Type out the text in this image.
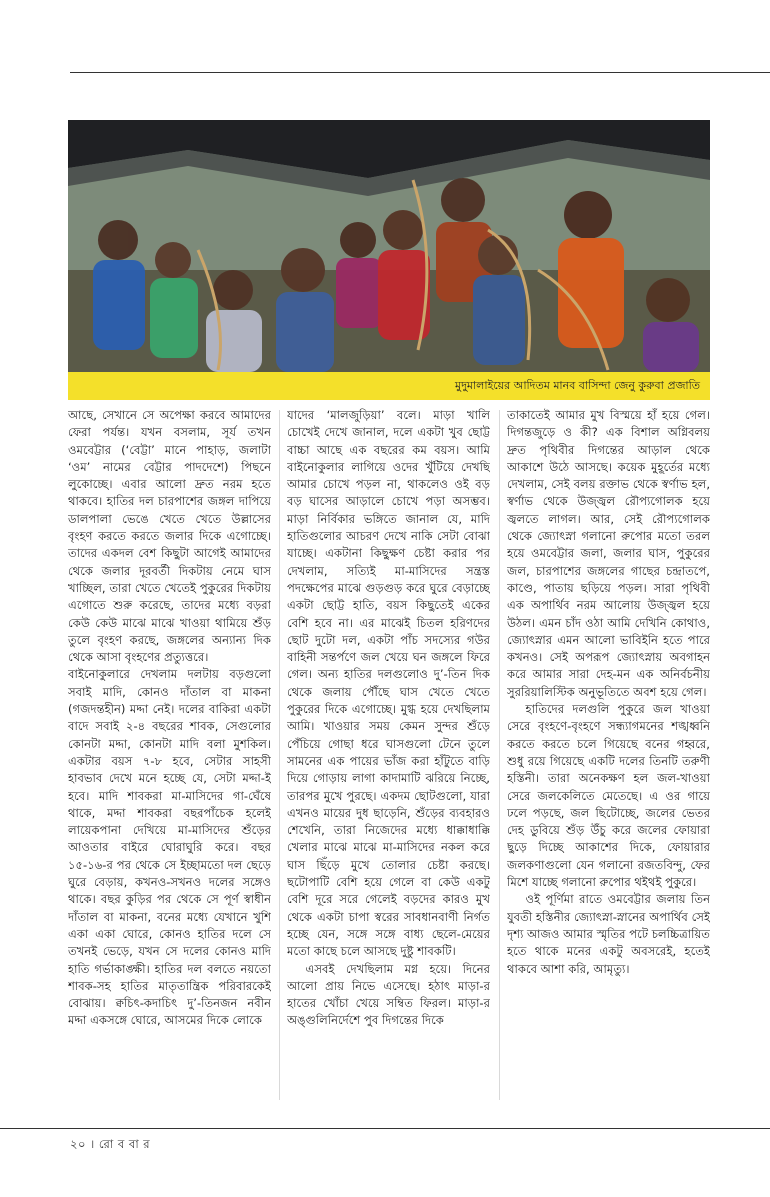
মুদুমালাইয়ের আদিতম মানব বাসিন্দা জেনু কুরুবা প্রজাতি

আছে, সেখানে সে অপেক্ষা করবে আমাদের ফেরা পর্যন্ত। যখন বসলাম, সূর্য তখন ওমবেট্টার (‘বেট্টা’ মানে পাহাড়, জলাটা ‘ওম’ নামের বেট্টার পাদদেশে) পিছনে লুকোচ্ছে। এবার আলো দ্রুত নরম হতে থাকবে। হাতির দল চারপাশের জঙ্গল দাপিয়ে ডালপালা ভেঙে খেতে খেতে উল্লাসের বৃংহণ করতে করতে জলার দিকে এগোচ্ছে। তাদের একদল বেশ কিছুটা আগেই আমাদের থেকে জলার দূরবর্তী দিকটায় নেমে ঘাস খাচ্ছিল, তারা খেতে খেতেই পুকুরের দিকটায় এগোতে শুরু করেছে, তাদের মধ্যে বড়রা কেউ কেউ মাঝে মাঝে খাওয়া থামিয়ে শুঁড় তুলে বৃংহণ করছে, জঙ্গলের অন্যান্য দিক থেকে আসা বৃংহণের প্রত্যুত্তরে।

বাইনোকুলারে দেখলাম দলটায় বড়গুলো সবাই মাদি, কোনও দাঁতাল বা মাকনা (গজদন্তহীন) মদ্দা নেই। দলের বাকিরা একটা বাদে সবাই ২-৪ বছরের শাবক, সেগুলোর কোনটা মদ্দা, কোনটা মাদি বলা মুশকিল। একটার বয়স ৭-৮ হবে, সেটার সাহসী হাবভাব দেখে মনে হচ্ছে যে, সেটা মদ্দা-ই হবে। মাদি শাবকরা মা-মাসিদের গা-ঘেঁষে থাকে, মদ্দা শাবকরা বছরপাঁচেক হলেই লায়েকপানা দেখিয়ে মা-মাসিদের শুঁড়ের আওতার বাইরে ঘোরাঘুরি করে। বছর ১৫-১৬-র পর থেকে সে ইচ্ছামতো দল ছেড়ে ঘুরে বেড়ায়, কখনও-সখনও দলের সঙ্গেও থাকে। বছর কুড়ির পর থেকে সে পূর্ণ স্বাধীন দাঁতাল বা মাকনা, বনের মধ্যে যেখানে খুশি একা একা ঘোরে, কোনও হাতির দলে সে তখনই ভেড়ে, যখন সে দলের কোনও মাদি হাতি গর্ভাকাঙ্ক্ষী। হাতির দল বলতে নয়তো শাবক-সহ হাতির মাতৃতান্ত্রিক পরিবারকেই বোঝায়। ক্বচিৎ-কদাচিৎ দু’-তিনজন নবীন মদ্দা একসঙ্গে ঘোরে, আসমের দিকে লোকে

যাদের ‘মালজুড়িয়া’ বলে। মাড়া খালি চোখেই দেখে জানাল, দলে একটা খুব ছোট্ট বাচ্চা আছে এক বছরের কম বয়স। আমি বাইনোকুলার লাগিয়ে ওদের খুঁটিয়ে দেখছি আমার চোখে পড়ল না, থাকলেও ওই বড় বড় ঘাসের আড়ালে চোখে পড়া অসম্ভব। মাড়া নির্বিকার ভঙ্গিতে জানাল যে, মাদি হাতিগুলোর আচরণ দেখে নাকি সেটা বোঝা যাচ্ছে। একটানা কিছুক্ষণ চেষ্টা করার পর দেখলাম, সত্যিই মা-মাসিদের সন্ত্রস্ত পদক্ষেপের মাঝে গুড়গুড় করে ঘুরে বেড়াচ্ছে একটা ছোট্ট হাতি, বয়স কিছুতেই একের বেশি হবে না। এর মাঝেই চিতল হরিণদের ছোট দুটো দল, একটা পাঁচ সদস্যের গউর বাহিনী সন্তর্পণে জল খেয়ে ঘন জঙ্গলে ফিরে গেল। অন্য হাতির দলগুলোও দু’-তিন দিক থেকে জলায় পৌঁছে ঘাস খেতে খেতে পুকুরের দিকে এগোচ্ছে। মুগ্ধ হয়ে দেখছিলাম আমি। খাওয়ার সময় কেমন সুন্দর শুঁড়ে পেঁচিয়ে গোছা ধরে ঘাসগুলো টেনে তুলে সামনের এক পায়ের ভাঁজ করা হাঁটুতে বাড়ি দিয়ে গোড়ায় লাগা কাদামাটি ঝরিয়ে নিচ্ছে, তারপর মুখে পুরছে। একদম ছোটগুলো, যারা এখনও মায়ের দুধ ছাড়েনি, শুঁড়ের ব্যবহারও শেখেনি, তারা নিজেদের মধ্যে ধাক্কাধাক্কি খেলার মাঝে মাঝে মা-মাসিদের নকল করে ঘাস ছিঁড়ে মুখে তোলার চেষ্টা করছে। ছটোপাটি বেশি হয়ে গেলে বা কেউ একটু বেশি দূরে সরে গেলেই বড়দের কারও মুখ থেকে একটা চাপা স্বরের সাবধানবাণী নির্গত হচ্ছে যেন, সঙ্গে সঙ্গে বাধ্য ছেলে-মেয়ের মতো কাছে চলে আসছে দুষ্টু শাবকটি।

এসবই দেখছিলাম মগ্ন হয়ে। দিনের আলো প্রায় নিভে এসেছে। হঠাৎ মাড়া-র হাতের খোঁচা খেয়ে সম্বিত ফিরল। মাড়া-র অঙ্গুলিনির্দেশে পুব দিগন্তের দিকে

তাকাতেই আমার মুখ বিস্ময়ে হাঁ হয়ে গেল। দিগন্তজুড়ে ও কী? এক বিশাল অগ্নিবলয় দ্রুত পৃথিবীর দিগন্তের আড়াল থেকে আকাশে উঠে আসছে। কয়েক মুহূর্তের মধ্যে দেখলাম, সেই বলয় রক্তাভ থেকে স্বর্ণাভ হল, স্বর্ণাভ থেকে উজ্জ্বল রৌপ্যগোলক হয়ে জ্বলতে লাগল। আর, সেই রৌপ্যগোলক থেকে জ্যোৎস্না গলানো রুপোর মতো তরল হয়ে ওমবেট্টার জলা, জলার ঘাস, পুকুরের জল, চারপাশের জঙ্গলের গাছের চন্দ্রাতপে, কাণ্ডে, পাতায় ছড়িয়ে পড়ল। সারা পৃথিবী এক অপার্থিব নরম আলোয় উজ্জ্বল হয়ে উঠল। এমন চাঁদ ওঠা আমি দেখিনি কোথাও, জ্যোৎস্নার এমন আলো ভাবিইনি হতে পারে কখনও। সেই অপরূপ জ্যোৎস্নায় অবগাহন করে আমার সারা দেহ-মন এক অনির্বচনীয় সুররিয়ালিস্টিক অনুভূতিতে অবশ হয়ে গেল।

হাতিদের দলগুলি পুকুরে জল খাওয়া সেরে বৃংহণে-বৃংহণে সন্ধ্যাগমনের শঙ্খধ্বনি করতে করতে চলে গিয়েছে বনের গহ্বরে, শুধু রয়ে গিয়েছে একটি দলের তিনটি তরুণী হস্তিনী। তারা অনেকক্ষণ হল জল-খাওয়া সেরে জলকেলিতে মেতেছে। এ ওর গায়ে ঢলে পড়ছে, জল ছিটোচ্ছে, জলের ভেতর দেহ ডুবিয়ে শুঁড় উঁচু করে জলের ফোয়ারা ছুড়ে দিচ্ছে আকাশের দিকে, ফোয়ারার জলকণাগুলো যেন গলানো রজতবিন্দু, ফের মিশে যাচ্ছে গলানো রুপোর থইথই পুকুরে।

ওই পূর্ণিমা রাতে ওমবেট্টার জলায় তিন যুবতী হস্তিনীর জ্যোৎস্না-স্নানের অপার্থিব সেই দৃশ্য আজও আমার স্মৃতির পটে চলচ্চিত্রায়িত হতে থাকে মনের একটু অবসরেই, হতেই থাকবে আশা করি, আমৃত্যু।

২০ । রো ব বা র
